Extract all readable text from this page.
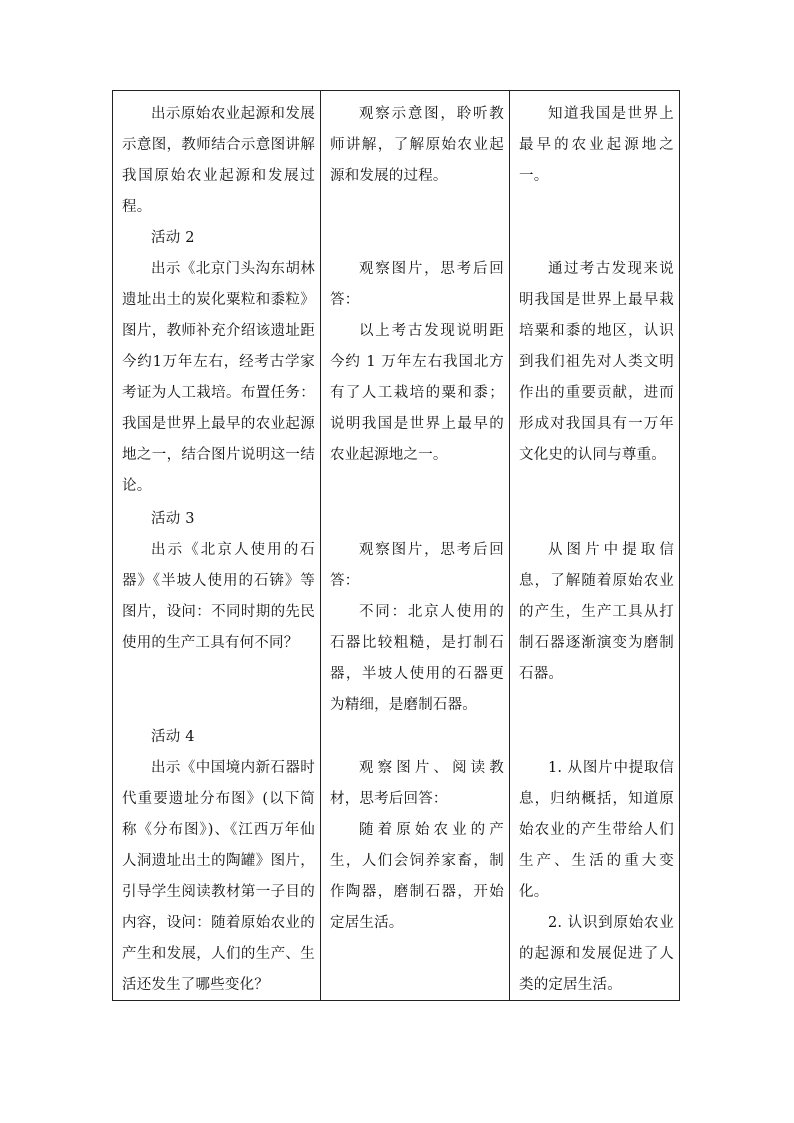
出示原始农业起源和发展示意图，教师结合示意图讲解我国原始农业起源和发展过程。

活动 2

出示《北京门头沟东胡林遗址出土的炭化粟粒和黍粒》图片，教师补充介绍该遗址距今约1万年左右，经考古学家考证为人工栽培。布置任务：我国是世界上最早的农业起源地之一，结合图片说明这一结论。

活动 3

出示《北京人使用的石器》《半坡人使用的石锛》等图片，设问：不同时期的先民使用的生产工具有何不同？

活动 4

出示《中国境内新石器时代重要遗址分布图》(以下简称《分布图》)、《江西万年仙人洞遗址出土的陶罐》图片，引导学生阅读教材第一子目的内容，设问：随着原始农业的产生和发展，人们的生产、生活还发生了哪些变化？

观察示意图，聆听教师讲解，了解原始农业起源和发展的过程。

观察图片，思考后回答：

以上考古发现说明距今约 1 万年左右我国北方有了人工栽培的粟和黍；说明我国是世界上最早的农业起源地之一。

观察图片，思考后回答：

不同：北京人使用的石器比较粗糙，是打制石器，半坡人使用的石器更为精细，是磨制石器。

观察图片、阅读教材，思考后回答：

随着原始农业的产生，人们会饲养家畜，制作陶器，磨制石器，开始定居生活。

知道我国是世界上最早的农业起源地之一。

通过考古发现来说明我国是世界上最早栽培粟和黍的地区，认识到我们祖先对人类文明作出的重要贡献，进而形成对我国具有一万年文化史的认同与尊重。

从图片中提取信息，了解随着原始农业的产生，生产工具从打制石器逐渐演变为磨制石器。

1. 从图片中提取信息，归纳概括，知道原始农业的产生带给人们生产、生活的重大变化。

2. 认识到原始农业的起源和发展促进了人类的定居生活。
